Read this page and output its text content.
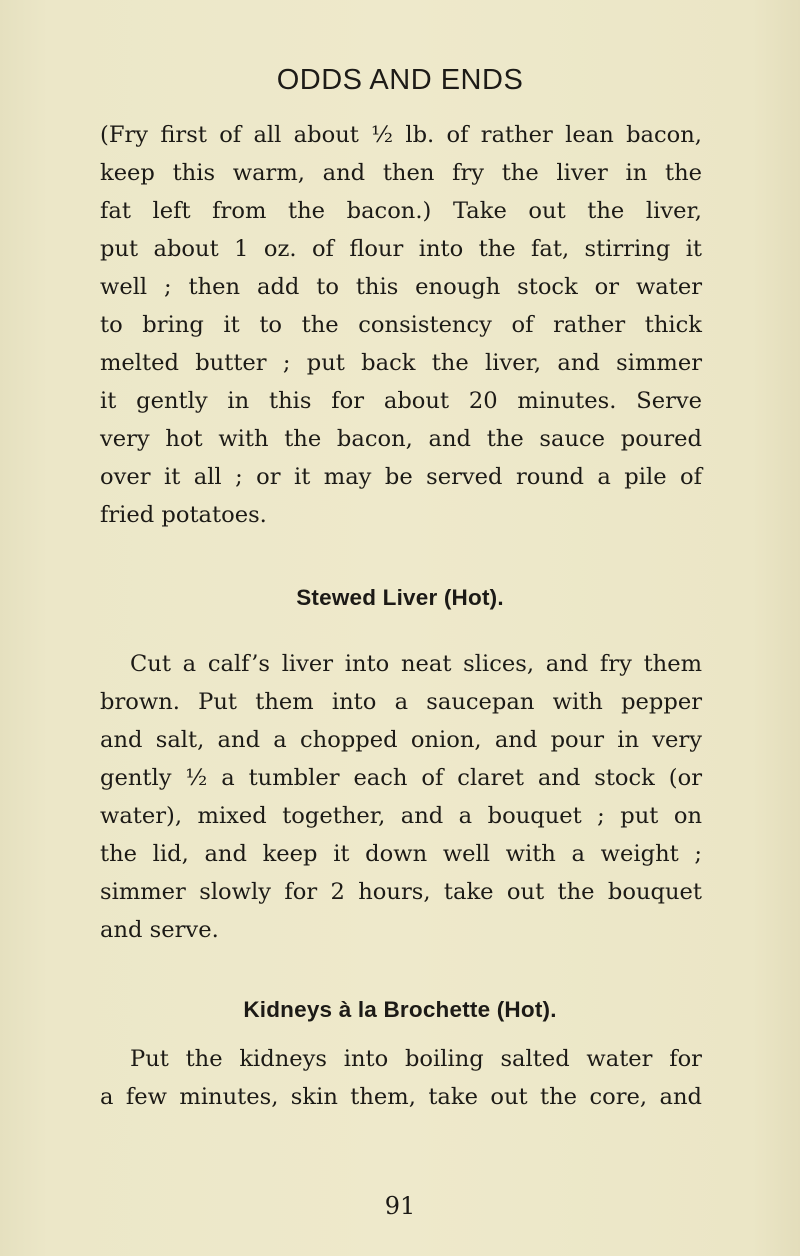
ODDS AND ENDS
(Fry first of all about ½ lb. of rather lean bacon,
keep this warm, and then fry the liver in the
fat left from the bacon.) Take out the liver,
put about 1 oz. of flour into the fat, stirring it
well ; then add to this enough stock or water
to bring it to the consistency of rather thick
melted butter ; put back the liver, and simmer
it gently in this for about 20 minutes. Serve
very hot with the bacon, and the sauce poured
over it all ; or it may be served round a pile of
fried potatoes.
Stewed Liver (Hot).
Cut a calf’s liver into neat slices, and fry them
brown. Put them into a saucepan with pepper
and salt, and a chopped onion, and pour in very
gently ½ a tumbler each of claret and stock (or
water), mixed together, and a bouquet ; put on
the lid, and keep it down well with a weight ;
simmer slowly for 2 hours, take out the bouquet
and serve.
Kidneys à la Brochette (Hot).
Put the kidneys into boiling salted water for
a few minutes, skin them, take out the core, and
91
